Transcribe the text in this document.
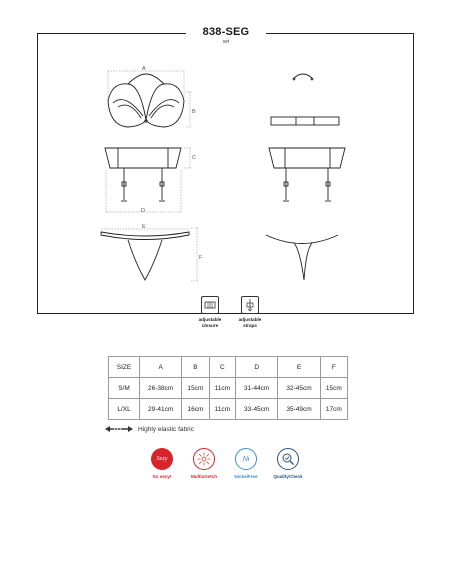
838-SEG
set
A
B
C
D
E
F
adjustable
closure
adjustable
straps
SIZE	A	B	C	D	E	F
S/M	26-38cm	15cm	11cm	31-44cm	32-45cm	15cm
L/XL	29-41cm	16cm	11cm	33-45cm	35-49cm	17cm
Highly elastic fabric
Sexy
So sexy!	Multistretch
Ni
NickelFree	QualityCheck
